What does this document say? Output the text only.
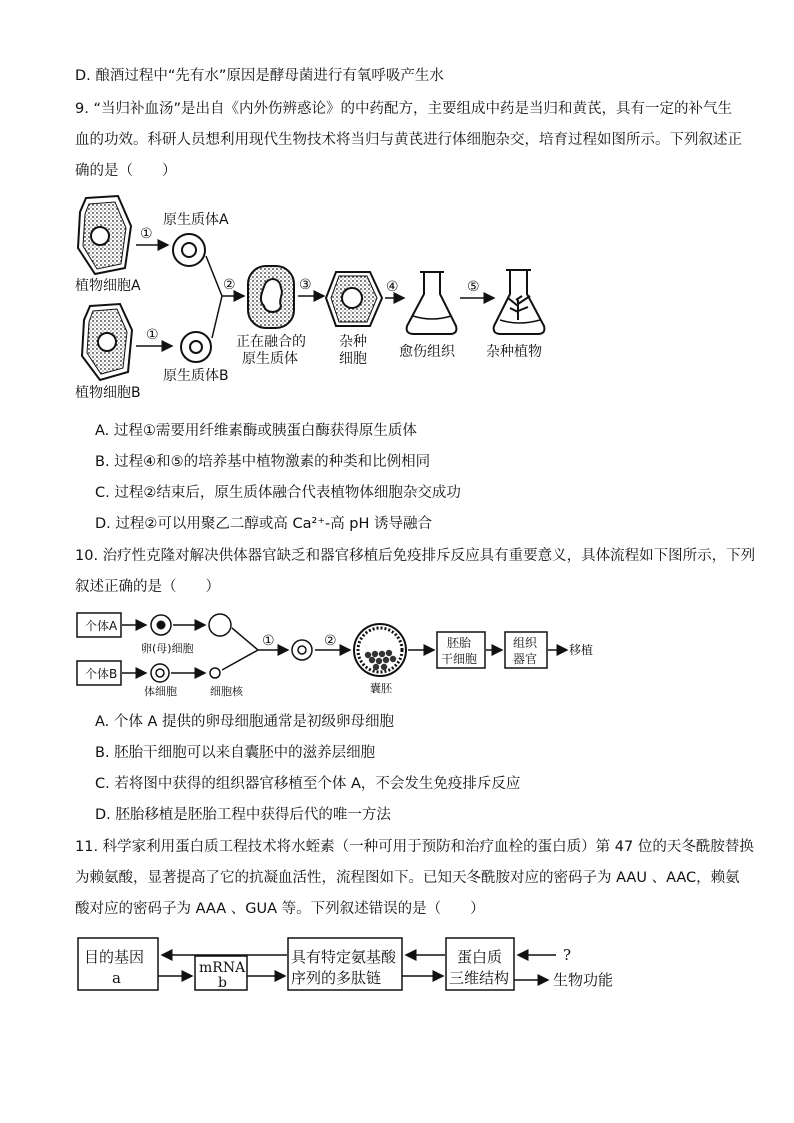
D. 酿酒过程中“先有水”原因是酵母菌进行有氧呼吸产生水
9. “当归补血汤”是出自《内外伤辨惑论》的中药配方，主要组成中药是当归和黄芪，具有一定的补气生
血的功效。科研人员想利用现代生物技术将当归与黄芪进行体细胞杂交，培育过程如图所示。下列叙述正
确的是（　　）
植物细胞A
植物细胞B
①
①
原生质体A
原生质体B
②
正在融合的
原生质体
③
杂种
细胞
④
愈伤组织
⑤
杂种植物
A. 过程①需要用纤维素酶或胰蛋白酶获得原生质体
B. 过程④和⑤的培养基中植物激素的种类和比例相同
C. 过程②结束后，原生质体融合代表植物体细胞杂交成功
D. 过程②可以用聚乙二醇或高 Ca²⁺-高 pH 诱导融合
10. 治疗性克隆对解决供体器官缺乏和器官移植后免疫排斥反应具有重要意义，具体流程如下图所示，下列
叙述正确的是（　　）
个体A
卵(母)细胞
个体B
体细胞	细胞核
①	②
囊胚
胚胎
干细胞
组织
器官
移植
A. 个体 A 提供的卵母细胞通常是初级卵母细胞
B. 胚胎干细胞可以来自囊胚中的滋养层细胞
C. 若将图中获得的组织器官移植至个体 A，不会发生免疫排斥反应
D. 胚胎移植是胚胎工程中获得后代的唯一方法
11. 科学家利用蛋白质工程技术将水蛭素（一种可用于预防和治疗血栓的蛋白质）第 47 位的天冬酰胺替换
为赖氨酸，显著提高了它的抗凝血活性，流程图如下。已知天冬酰胺对应的密码子为 AAU 、AAC，赖氨
酸对应的密码子为 AAA 、GUA 等。下列叙述错误的是（　　）
目的基因
a
mRNA
b
具有特定氨基酸
序列的多肽链
蛋白质
三维结构
?
生物功能
